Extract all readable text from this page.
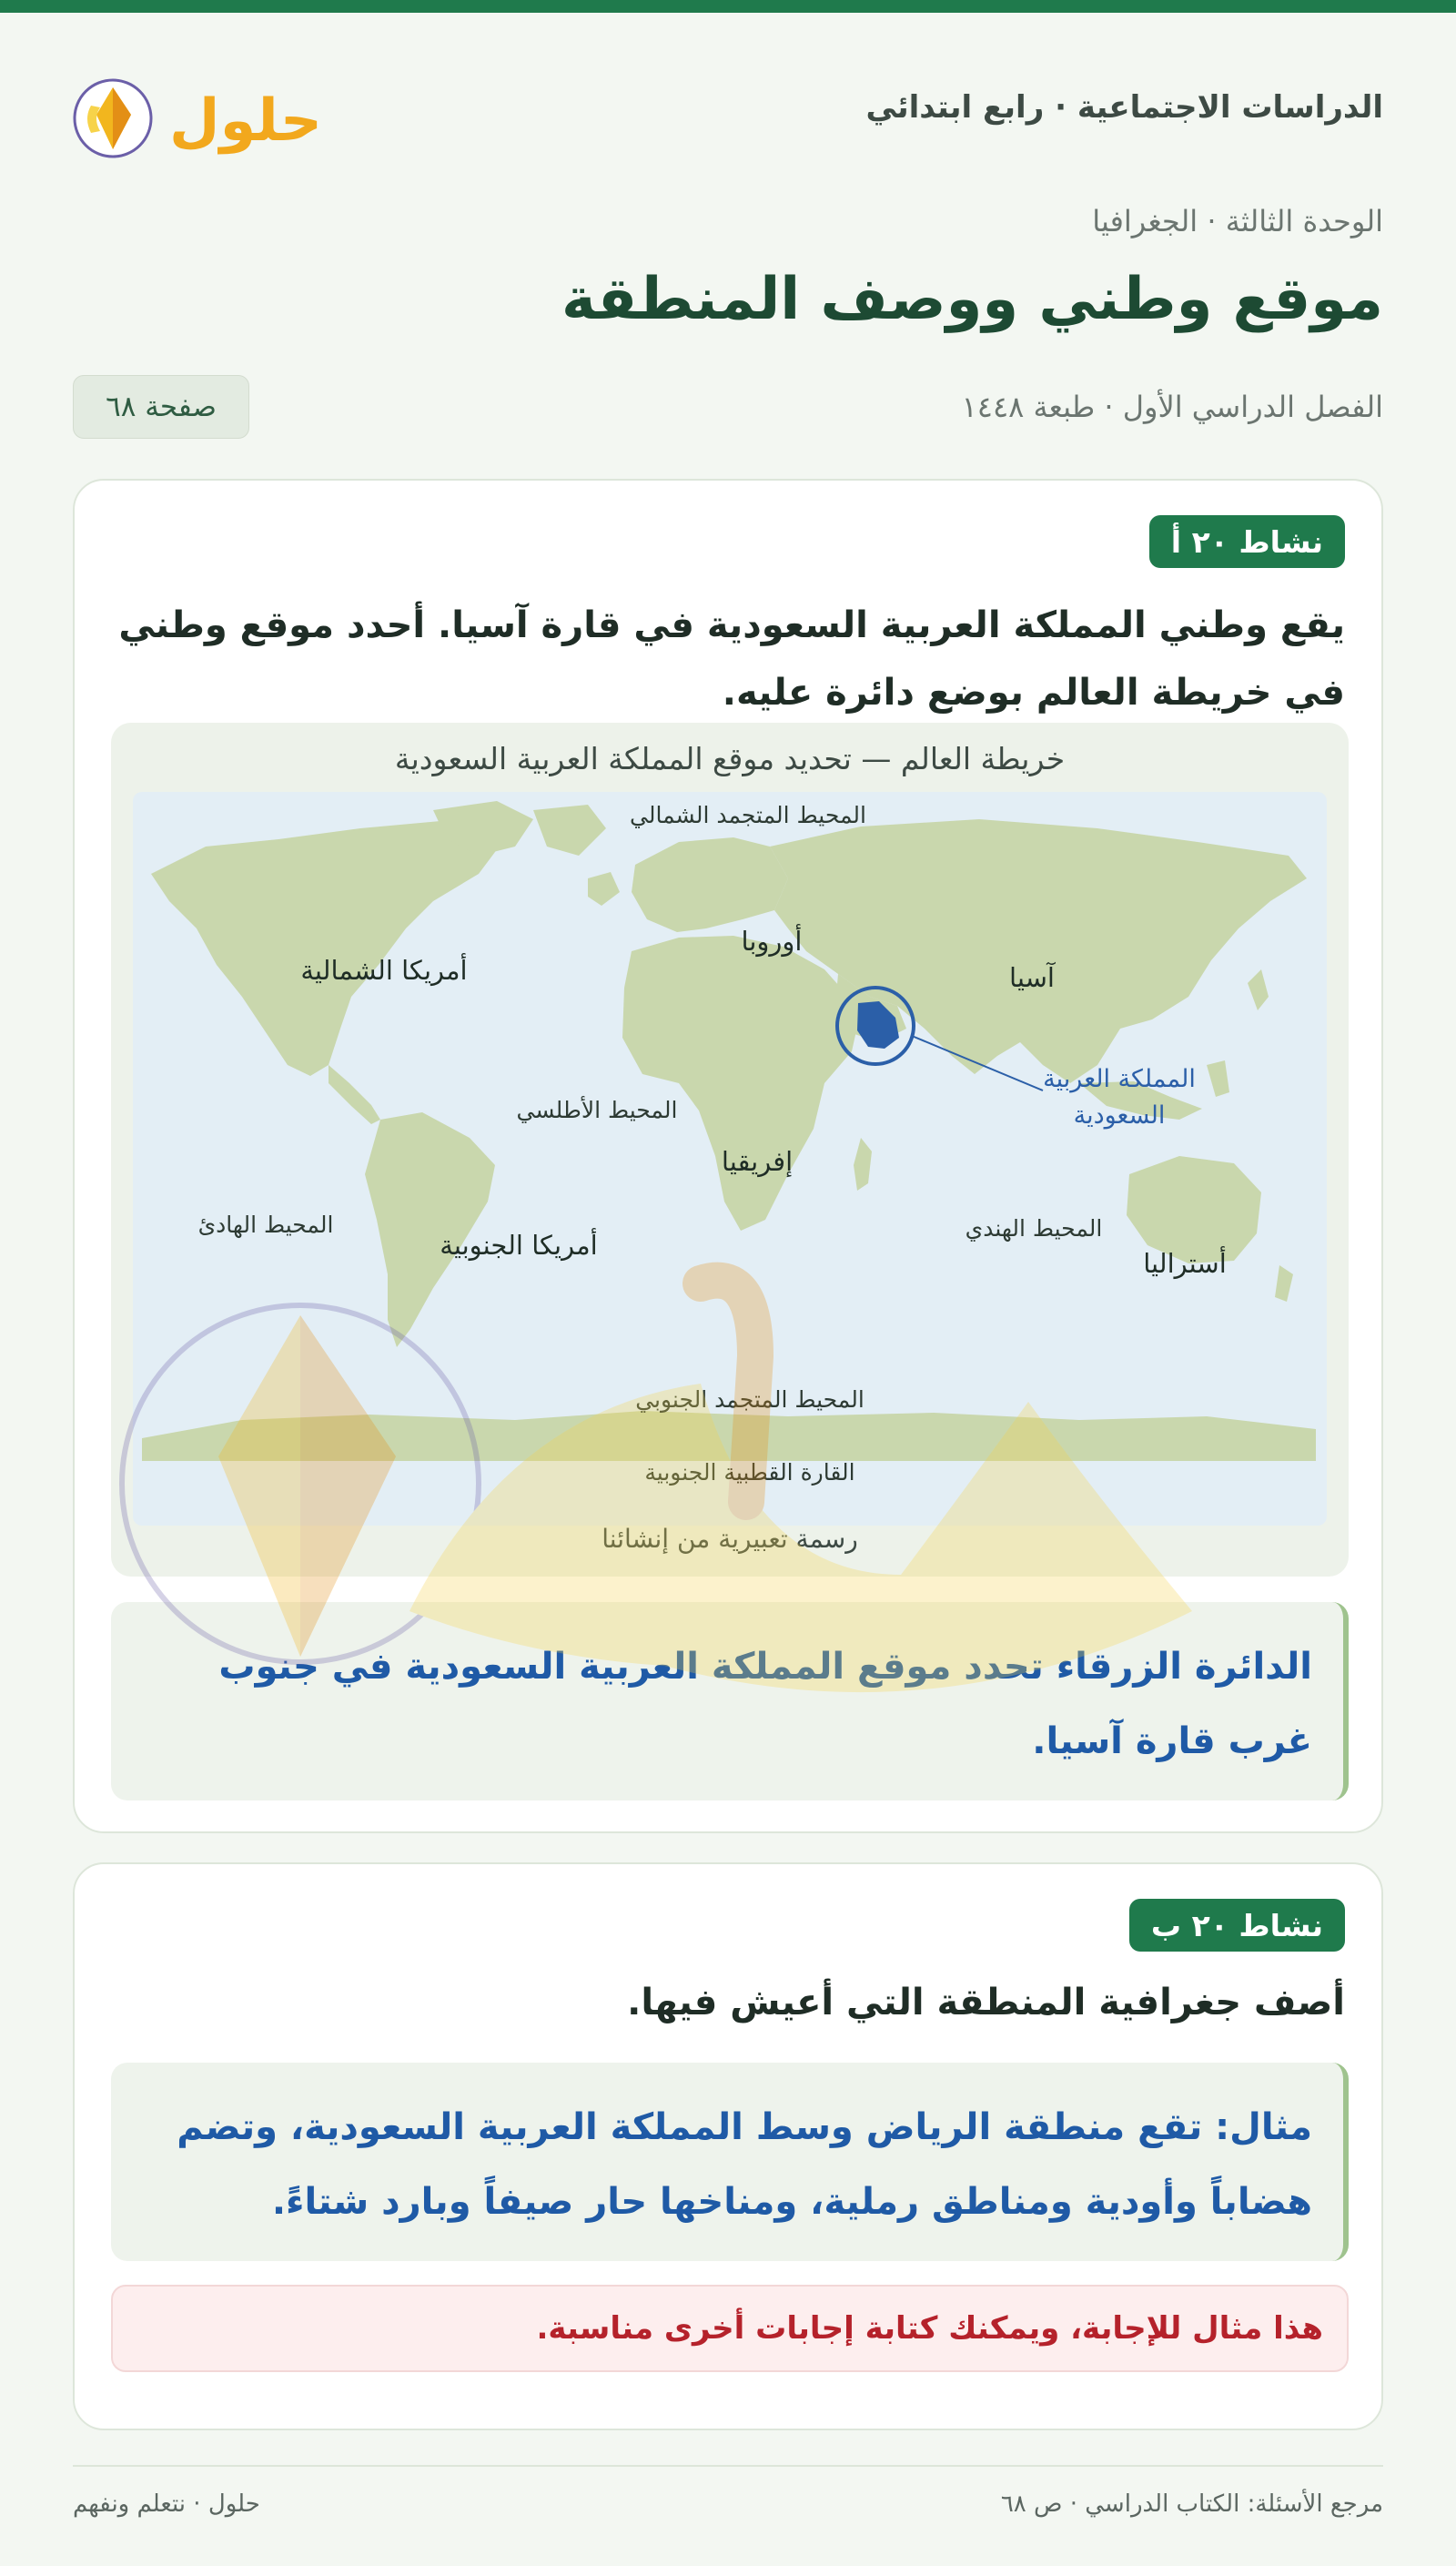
الدراسات الاجتماعية · رابع ابتدائي
حلول
الوحدة الثالثة · الجغرافيا
موقع وطني ووصف المنطقة
الفصل الدراسي الأول · طبعة ١٤٤٨
صفحة ٦٨
نشاط ٢٠ أ

يقع وطني المملكة العربية السعودية في قارة آسيا. أحدد موقع وطني في خريطة العالم بوضع دائرة عليه.

خريطة العالم — تحديد موقع المملكة العربية السعودية
المحيط المتجمد الشمالي
أوروبا
آسيا
أمريكا الشمالية
المملكة العربية
السعودية
المحيط الأطلسي
إفريقيا
المحيط الهادئ
أمريكا الجنوبية
المحيط الهندي
أستراليا
المحيط المتجمد الجنوبي
القارة القطبية الجنوبية
رسمة تعبيرية من إنشائنا

الدائرة الزرقاء تحدد موقع المملكة العربية السعودية في جنوب غرب قارة آسيا.

نشاط ٢٠ ب

أصف جغرافية المنطقة التي أعيش فيها.

مثال: تقع منطقة الرياض وسط المملكة العربية السعودية، وتضم هضاباً وأودية ومناطق رملية، ومناخها حار صيفاً وبارد شتاءً.

هذا مثال للإجابة، ويمكنك كتابة إجابات أخرى مناسبة.

مرجع الأسئلة: الكتاب الدراسي · ص ٦٨
حلول · نتعلم ونفهم
